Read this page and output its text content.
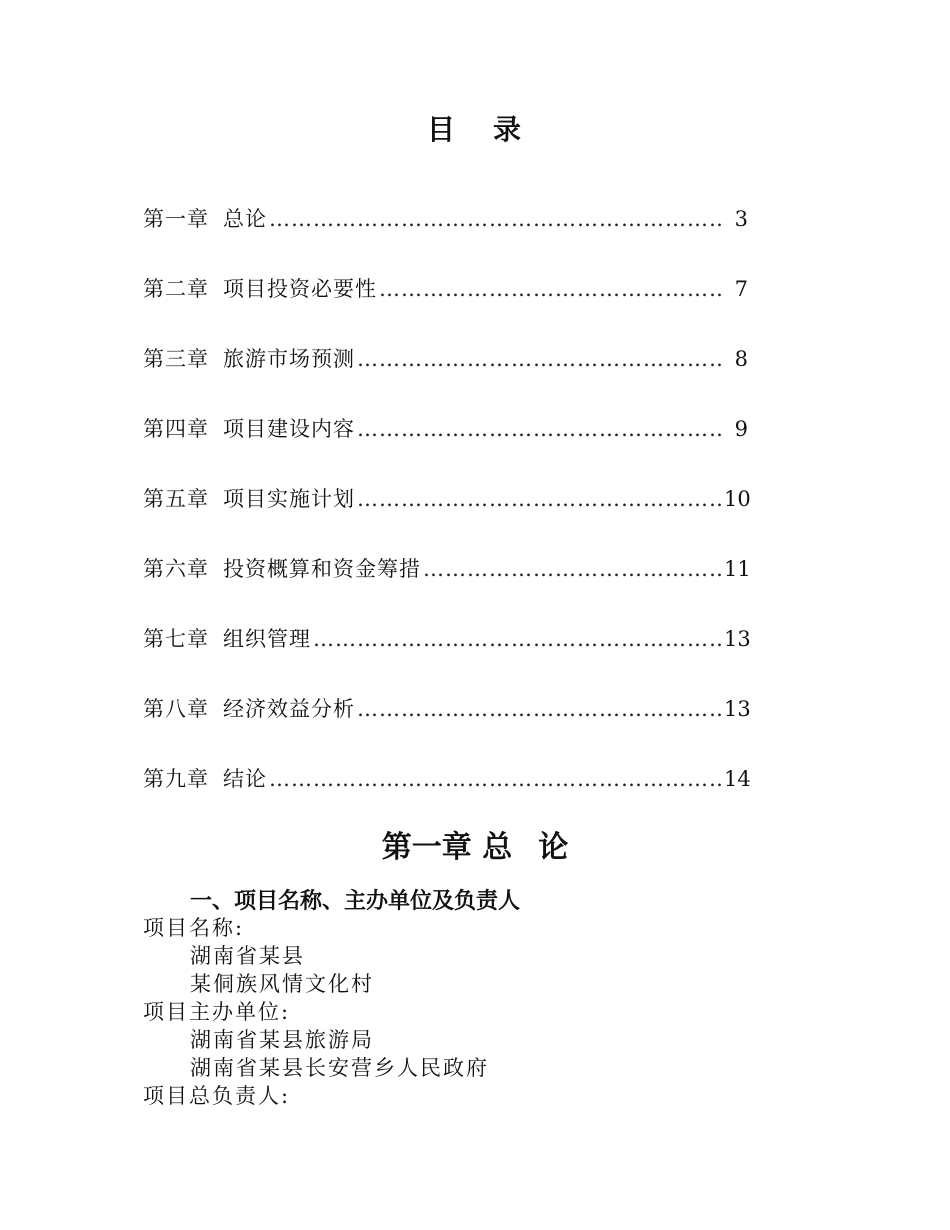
目 录
第一章 总论 …………………………………………………………………………………………………………………………	3
第二章 项目投资必要性 …………………………………………………………………………………………………………………………	7
第三章 旅游市场预测 …………………………………………………………………………………………………………………………	8
第四章 项目建设内容 …………………………………………………………………………………………………………………………	9
第五章 项目实施计划 …………………………………………………………………………………………………………………………	10
第六章 投资概算和资金筹措 …………………………………………………………………………………………………………………………	11
第七章 组织管理 …………………………………………………………………………………………………………………………	13
第八章 经济效益分析 …………………………………………………………………………………………………………………………	13
第九章 结论 …………………………………………………………………………………………………………………………	14
第一章 总 论
一、项目名称、主办单位及负责人
项目名称:
湖南省某县
某侗族风情文化村
项目主办单位:
湖南省某县旅游局
湖南省某县长安营乡人民政府
项目总负责人:
